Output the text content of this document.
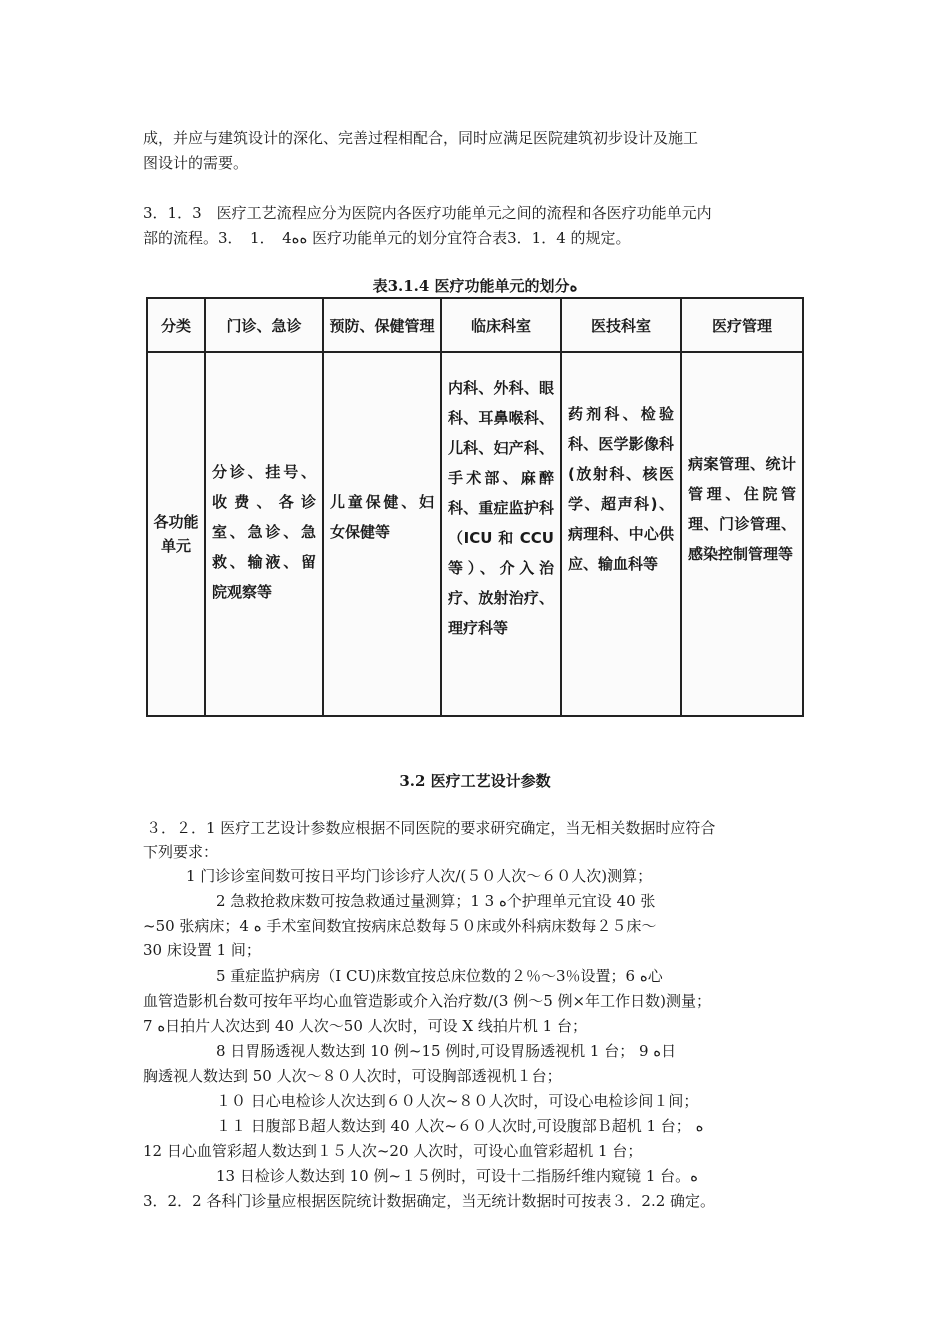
成，并应与建筑设计的深化、完善过程相配合，同时应满足医院建筑初步设计及施工
图设计的需要。
3．1．3　医疗工艺流程应分为医院内各医疗功能单元之间的流程和各医疗功能单元内
部的流程。3．　1．　4ﻩﻩ 医疗功能单元的划分宜符合表3．1．4 的规定。
表3.1.4 医疗功能单元的划分ﻩ
分类	门诊、急诊	预防、保健管理	临床科室	医技科室	医疗管理
各功能单元	分诊、挂号、收费、各诊室、急诊、急救、输液、留院观察等	儿童保健、妇女保健等	内科、外科、眼科、耳鼻喉科、儿科、妇产科、手术部、麻醉科、重症监护科（ICU 和 CCU 等）、介入治疗、放射治疗、理疗科等	药剂科、检验科、医学影像科(放射科、核医学、超声科)、病理科、中心供应、输血科等	病案管理、统计管理、住院管理、门诊管理、感染控制管理等
3.2 医疗工艺设计参数
３．２．1 医疗工艺设计参数应根据不同医院的要求研究确定，当无相关数据时应符合
下列要求：
1 门诊诊室间数可按日平均门诊诊疗人次/(５０人次～６０人次)测算；
2 急救抢救床数可按急救通过量测算；1 3 ﻩ个护理单元宜设 40 张
~50 张病床；4 ﻩ 手术室间数宜按病床总数每５０床或外科病床数每２５床～
30 床设置 1 间；
5 重症监护病房（I CU)床数宜按总床位数的２％～3％设置；6 ﻩ心
血管造影机台数可按年平均心血管造影或介入治疗数/(3 例～5 例×年工作日数)测量；
7 ﻩ日拍片人次达到 40 人次～50 人次时，可设 X 线拍片机 1 台；
8 日胃肠透视人数达到 10 例~15 例时,可设胃肠透视机 1 台； 9 ﻩ日
胸透视人数达到 50 人次～８０人次时，可设胸部透视机１台；
１０ 日心电检诊人次达到６０人次~８０人次时，可设心电检诊间１间；
１１ 日腹部Ｂ超人数达到 40 人次~６０人次时,可设腹部Ｂ超机 1 台； ﻩ
12 日心血管彩超人数达到１５人次~20 人次时，可设心血管彩超机 1 台；
13 日检诊人数达到 10 例~１５例时，可设十二指肠纤维内窥镜 1 台。ﻩ
3．2．2 各科门诊量应根据医院统计数据确定，当无统计数据时可按表３．2.2 确定。
